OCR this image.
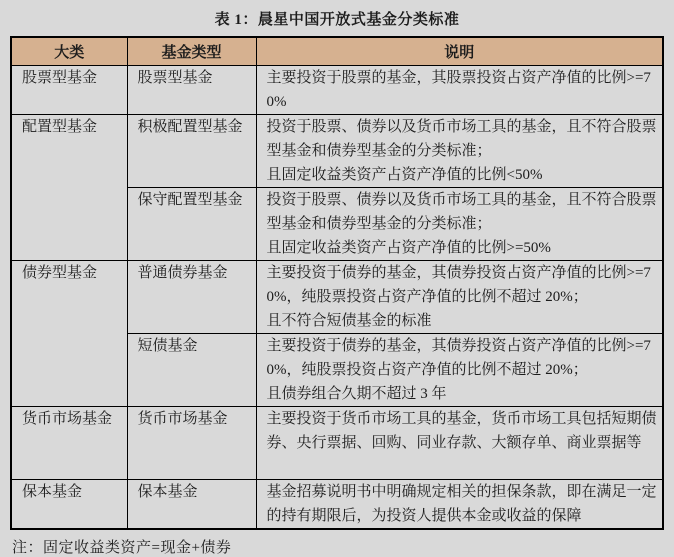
表 1：晨星中国开放式基金分类标准
大类	基金类型	说明
股票型基金	股票型基金	主要投资于股票的基金，其股票投资占资产净值的比例>=70%

配置型基金	积极配置型基金	投资于股票、债券以及货币市场工具的基金，且不符合股票型基金和债券型基金的分类标准；
且固定收益类资产占资产净值的比例<50%

	保守配置型基金	投资于股票、债券以及货币市场工具的基金，且不符合股票型基金和债券型基金的分类标准；
且固定收益类资产占资产净值的比例>=50%

债券型基金	普通债券基金	主要投资于债券的基金，其债券投资占资产净值的比例>=70%，纯股票投资占资产净值的比例不超过 20%；
且不符合短债基金的标准

	短债基金	主要投资于债券的基金，其债券投资占资产净值的比例>=70%，纯股票投资占资产净值的比例不超过 20%；
且债券组合久期不超过 3 年

货币市场基金	货币市场基金	主要投资于货币市场工具的基金，货币市场工具包括短期债券、央行票据、回购、同业存款、大额存单、商业票据等

保本基金	保本基金	基金招募说明书中明确规定相关的担保条款，即在满足一定的持有期限后，为投资人提供本金或收益的保障
注：固定收益类资产=现金+债券
